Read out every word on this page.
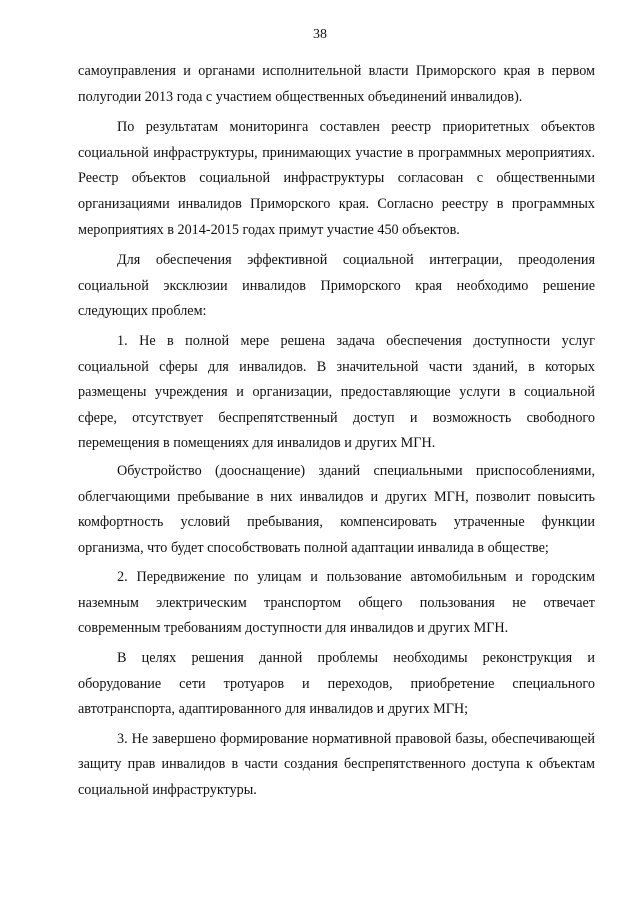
38

самоуправления и органами исполнительной власти Приморского края в первом полугодии 2013 года с участием общественных объединений инвалидов).

По результатам мониторинга составлен реестр приоритетных объектов социальной инфраструктуры, принимающих участие в программных мероприятиях. Реестр объектов социальной инфраструктуры согласован с общественными организациями инвалидов Приморского края. Согласно реестру в программных мероприятиях в 2014-2015 годах примут участие 450 объектов.

Для обеспечения эффективной социальной интеграции, преодоления социальной эксклюзии инвалидов Приморского края необходимо решение следующих проблем:

1. Не в полной мере решена задача обеспечения доступности услуг социальной сферы для инвалидов. В значительной части зданий, в которых размещены учреждения и организации, предоставляющие услуги в социальной сфере, отсутствует беспрепятственный доступ и возможность свободного перемещения в помещениях для инвалидов и других МГН.

Обустройство (дооснащение) зданий специальными приспособлениями, облегчающими пребывание в них инвалидов и других МГН, позволит повысить комфортность условий пребывания, компенсировать утраченные функции организма, что будет способствовать полной адаптации инвалида в обществе;

2. Передвижение по улицам и пользование автомобильным и городским наземным электрическим транспортом общего пользования не отвечает современным требованиям доступности для инвалидов и других МГН.

В целях решения данной проблемы необходимы реконструкция и оборудование сети тротуаров и переходов, приобретение специального автотранспорта, адаптированного для инвалидов и других МГН;

3. Не завершено формирование нормативной правовой базы, обеспечивающей защиту прав инвалидов в части создания беспрепятственного доступа к объектам социальной инфраструктуры.
